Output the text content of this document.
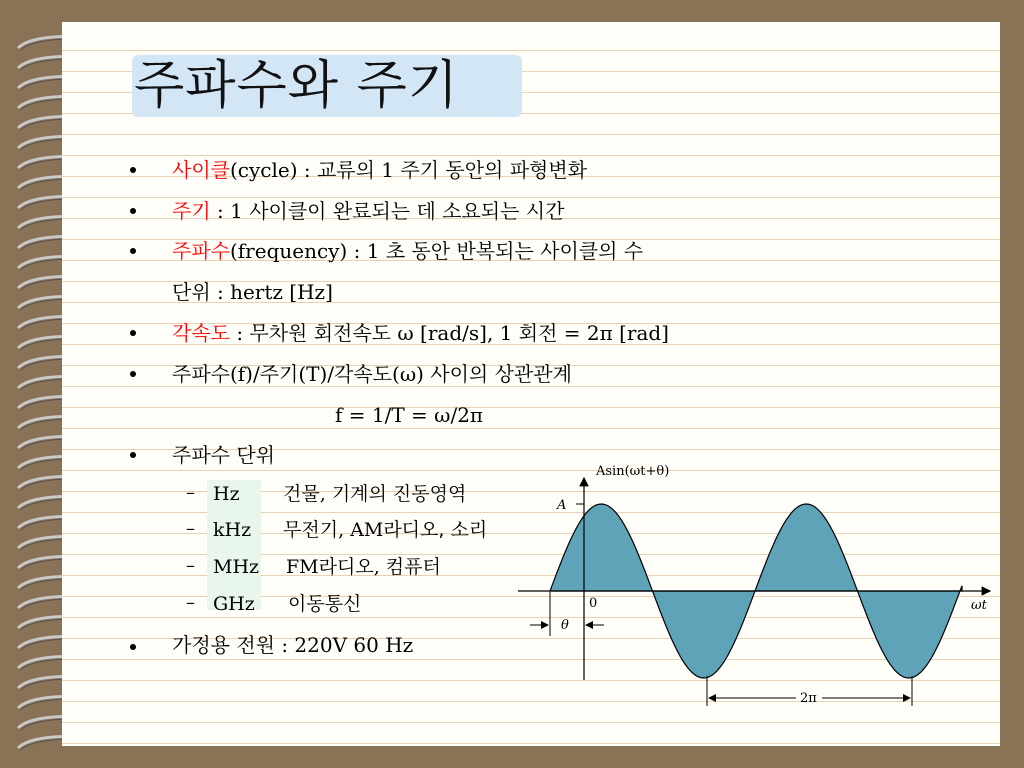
주파수와 주기
사이클(cycle) : 교류의 1 주기 동안의 파형변화
주기 : 1 사이클이 완료되는 데 소요되는 시간
주파수(frequency) : 1 초 동안 반복되는 사이클의 수
단위 : hertz [Hz]
각속도 : 무차원 회전속도 ω [rad/s], 1 회전 = 2π [rad]
주파수(f)/주기(T)/각속도(ω) 사이의 상관관계
f = 1/T = ω/2π
주파수 단위
– Hz 건물, 기계의 진동영역
– kHz 무전기, AM라디오, 소리
– MHz FM라디오, 컴퓨터
– GHz 이동통신
가정용 전원 : 220V 60 Hz
Asin(ωt+θ)
A
0
θ
ωt
2π
